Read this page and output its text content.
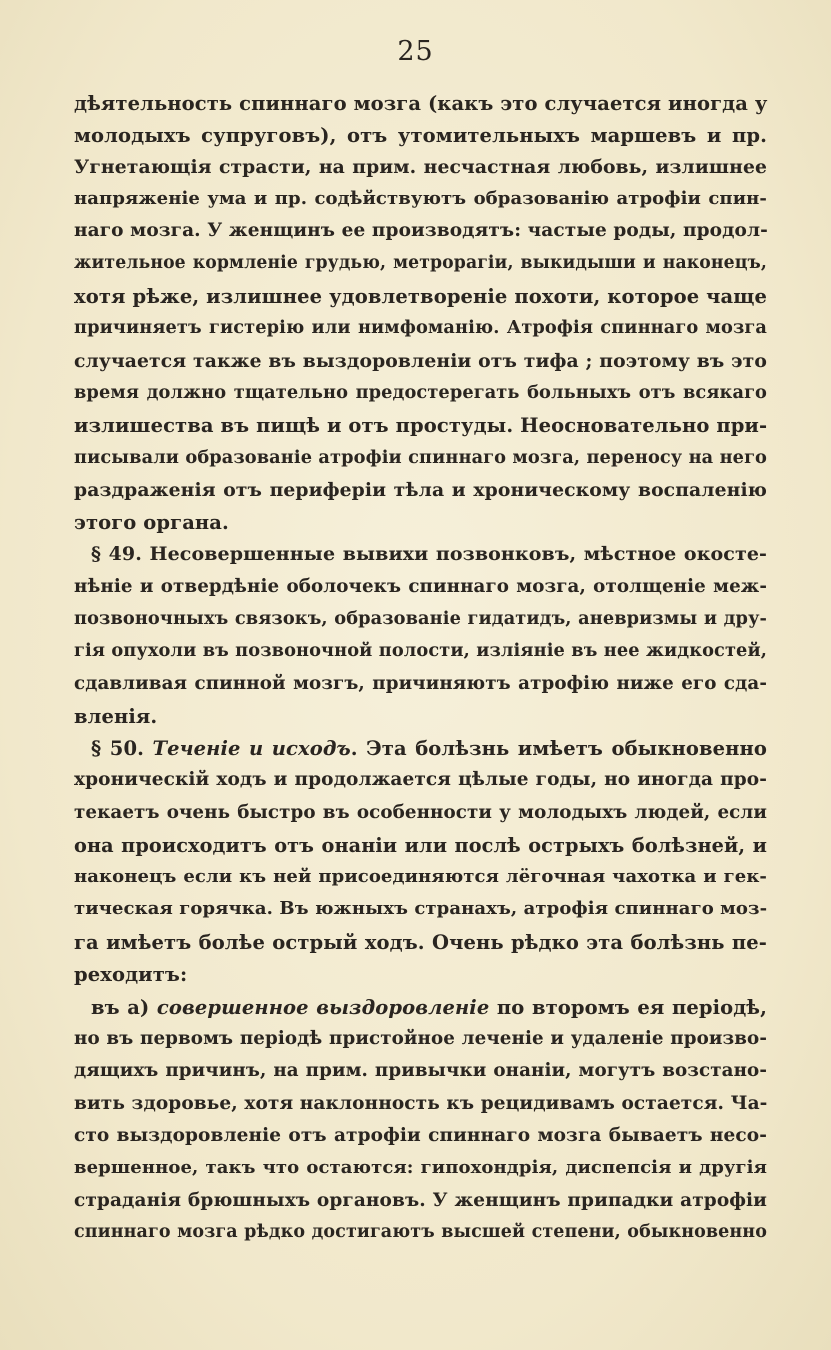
25
дѣятельность спиннаго мозга (какъ это случается иногда у
молодыхъ супруговъ), отъ утомительныхъ маршевъ и пр.
Угнетающія страсти, на прим. несчастная любовь, излишнее
напряженіе ума и пр. содѣйствуютъ образованію атрофіи спин-
наго мозга. У женщинъ ее производятъ: частые роды, продол-
жительное кормленіе грудью, метрорагіи, выкидыши и наконецъ,
хотя рѣже, излишнее удовлетвореніе похоти, которое чаще
причиняетъ гистерію или нимфоманію. Атрофія спиннаго мозга
случается также въ выздоровленіи отъ тифа ; поэтому въ это
время должно тщательно предостерегать больныхъ отъ всякаго
излишества въ пищѣ и отъ простуды. Неосновательно при-
писывали образованіе атрофіи спиннаго мозга, переносу на него
раздраженія отъ периферіи тѣла и хроническому воспаленію
этого органа.
§ 49. Несовершенные вывихи позвонковъ, мѣстное окостe-
нѣніе и отвердѣніе оболочекъ спиннаго мозга, отолщеніе меж-
позвоночныхъ связокъ, образованіе гидатидъ, аневризмы и дру-
гія опухоли въ позвоночной полости, изліяніе въ нее жидкостей,
сдавливая спинной мозгъ, причиняютъ атрофію ниже его сда-
вленія.
§ 50. Теченіе и исходъ. Эта болѣзнь имѣетъ обыкновенно
хроническій ходъ и продолжается цѣлые годы, но иногда про-
текаетъ очень быстро въ особенности у молодыхъ людей, если
она происходитъ отъ онаніи или послѣ острыхъ болѣзней, и
наконецъ если къ ней присоединяются лёгочная чахотка и гек-
тическая горячка. Въ южныхъ странахъ, атрофія спиннаго моз-
га имѣетъ болѣе острый ходъ. Очень рѣдко эта болѣзнь пе-
реходитъ:
въ а) совершенное выздоровленіе по второмъ ея періодѣ,
но въ первомъ періодѣ пристойное леченіе и удаленіе произво-
дящихъ причинъ, на прим. привычки онаніи, могутъ возстано-
вить здоровье, хотя наклонность къ рецидивамъ остается. Ча-
сто выздоровленіе отъ атрофіи спиннаго мозга бываетъ несо-
вершенное, такъ что остаются: гипохондрія, диспепсія и другія
страданія брюшныхъ органовъ. У женщинъ припадки атрофіи
спиннаго мозга рѣдко достигаютъ высшей степени, обыкновенно
